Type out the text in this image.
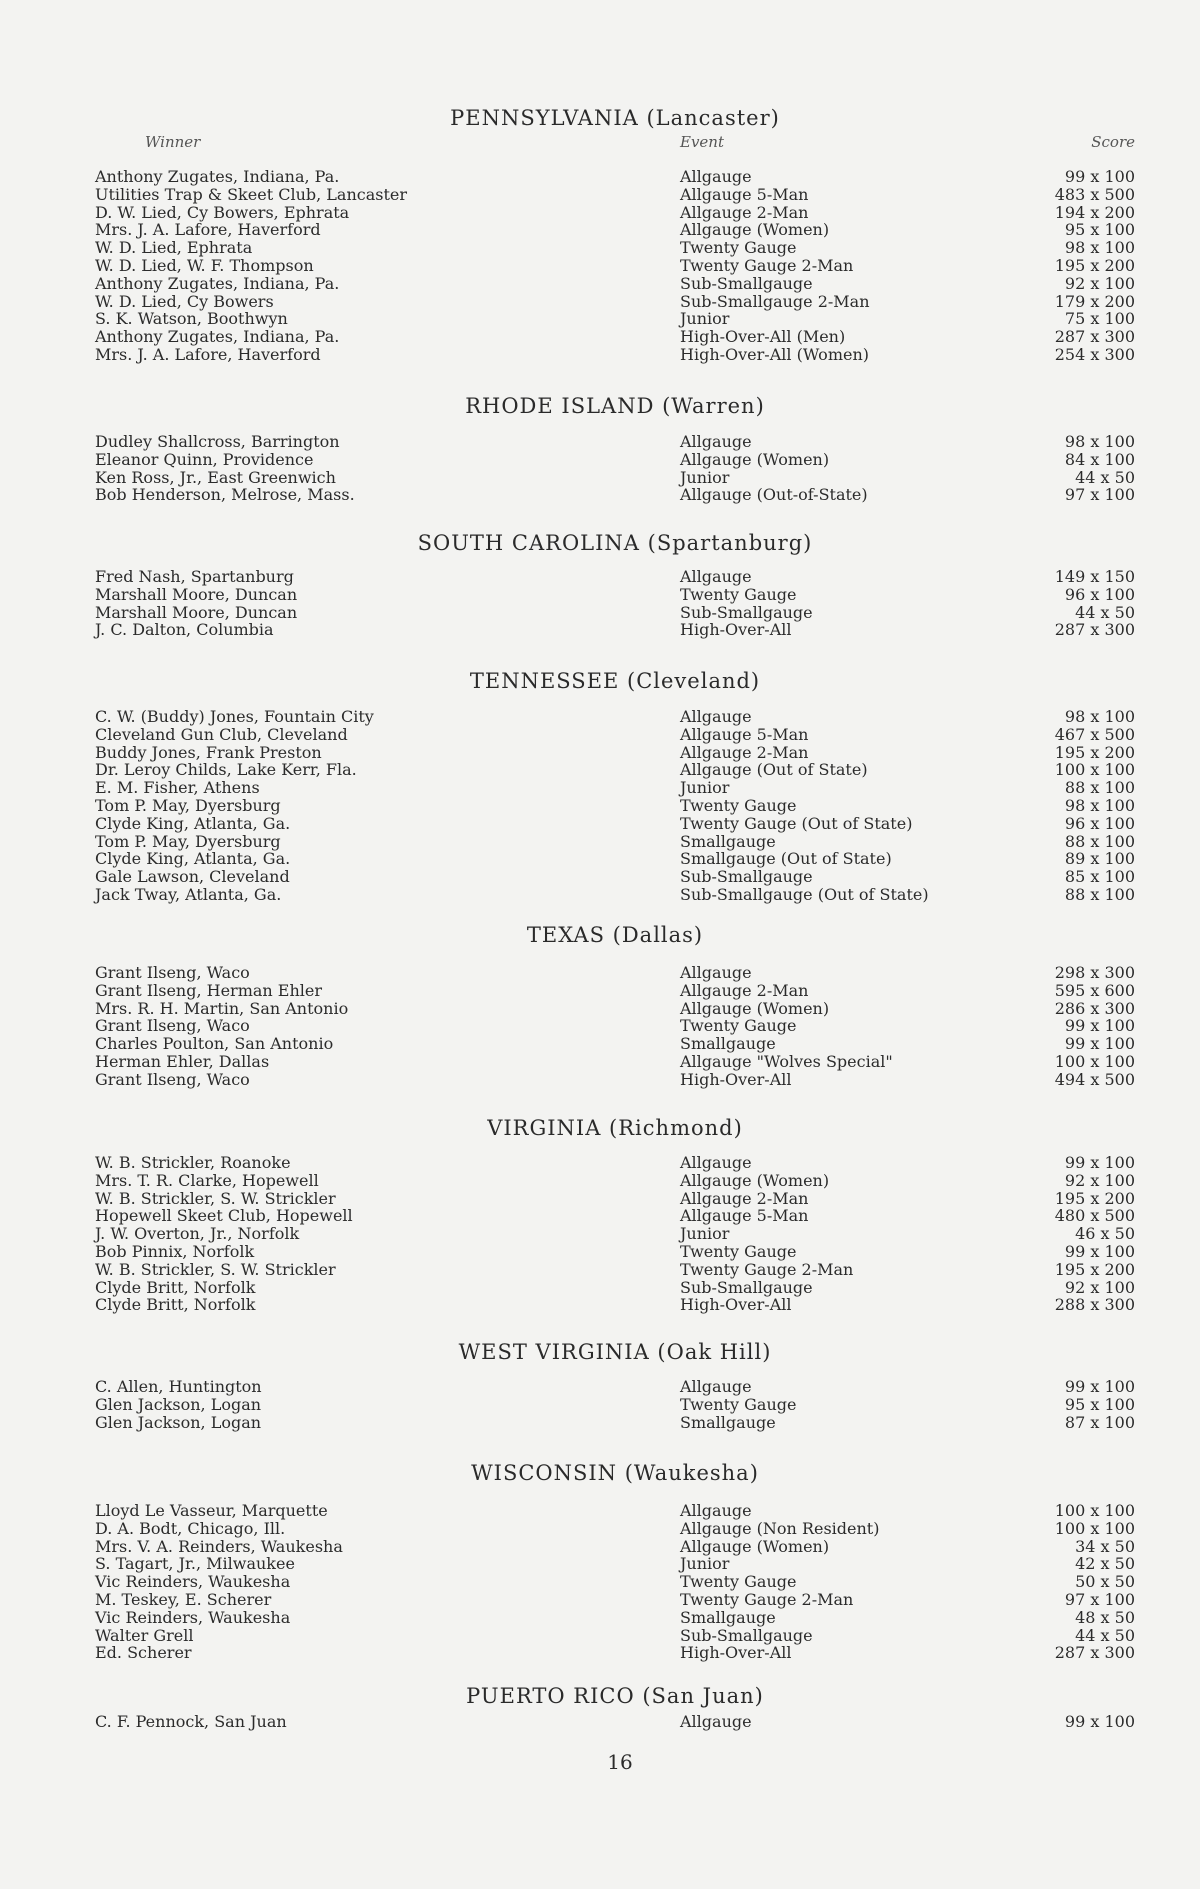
Winner	Event	Score
PENNSYLVANIA (Lancaster)
Anthony Zugates, Indiana, Pa.	Allgauge	99 x 100
Utilities Trap & Skeet Club, Lancaster	Allgauge 5-Man	483 x 500
D. W. Lied, Cy Bowers, Ephrata	Allgauge 2-Man	194 x 200
Mrs. J. A. Lafore, Haverford	Allgauge (Women)	95 x 100
W. D. Lied, Ephrata	Twenty Gauge	98 x 100
W. D. Lied, W. F. Thompson	Twenty Gauge 2-Man	195 x 200
Anthony Zugates, Indiana, Pa.	Sub-Smallgauge	92 x 100
W. D. Lied, Cy Bowers	Sub-Smallgauge 2-Man	179 x 200
S. K. Watson, Boothwyn	Junior	75 x 100
Anthony Zugates, Indiana, Pa.	High-Over-All (Men)	287 x 300
Mrs. J. A. Lafore, Haverford	High-Over-All (Women)	254 x 300
RHODE ISLAND (Warren)
Dudley Shallcross, Barrington	Allgauge	98 x 100
Eleanor Quinn, Providence	Allgauge (Women)	84 x 100
Ken Ross, Jr., East Greenwich	Junior	44 x 50
Bob Henderson, Melrose, Mass.	Allgauge (Out-of-State)	97 x 100
SOUTH CAROLINA (Spartanburg)
Fred Nash, Spartanburg	Allgauge	149 x 150
Marshall Moore, Duncan	Twenty Gauge	96 x 100
Marshall Moore, Duncan	Sub-Smallgauge	44 x 50
J. C. Dalton, Columbia	High-Over-All	287 x 300
TENNESSEE (Cleveland)
C. W. (Buddy) Jones, Fountain City	Allgauge	98 x 100
Cleveland Gun Club, Cleveland	Allgauge 5-Man	467 x 500
Buddy Jones, Frank Preston	Allgauge 2-Man	195 x 200
Dr. Leroy Childs, Lake Kerr, Fla.	Allgauge (Out of State)	100 x 100
E. M. Fisher, Athens	Junior	88 x 100
Tom P. May, Dyersburg	Twenty Gauge	98 x 100
Clyde King, Atlanta, Ga.	Twenty Gauge (Out of State)	96 x 100
Tom P. May, Dyersburg	Smallgauge	88 x 100
Clyde King, Atlanta, Ga.	Smallgauge (Out of State)	89 x 100
Gale Lawson, Cleveland	Sub-Smallgauge	85 x 100
Jack Tway, Atlanta, Ga.	Sub-Smallgauge (Out of State)	88 x 100
TEXAS (Dallas)
Grant Ilseng, Waco	Allgauge	298 x 300
Grant Ilseng, Herman Ehler	Allgauge 2-Man	595 x 600
Mrs. R. H. Martin, San Antonio	Allgauge (Women)	286 x 300
Grant Ilseng, Waco	Twenty Gauge	99 x 100
Charles Poulton, San Antonio	Smallgauge	99 x 100
Herman Ehler, Dallas	Allgauge "Wolves Special"	100 x 100
Grant Ilseng, Waco	High-Over-All	494 x 500
VIRGINIA (Richmond)
W. B. Strickler, Roanoke	Allgauge	99 x 100
Mrs. T. R. Clarke, Hopewell	Allgauge (Women)	92 x 100
W. B. Strickler, S. W. Strickler	Allgauge 2-Man	195 x 200
Hopewell Skeet Club, Hopewell	Allgauge 5-Man	480 x 500
J. W. Overton, Jr., Norfolk	Junior	46 x 50
Bob Pinnix, Norfolk	Twenty Gauge	99 x 100
W. B. Strickler, S. W. Strickler	Twenty Gauge 2-Man	195 x 200
Clyde Britt, Norfolk	Sub-Smallgauge	92 x 100
Clyde Britt, Norfolk	High-Over-All	288 x 300
WEST VIRGINIA (Oak Hill)
C. Allen, Huntington	Allgauge	99 x 100
Glen Jackson, Logan	Twenty Gauge	95 x 100
Glen Jackson, Logan	Smallgauge	87 x 100
WISCONSIN (Waukesha)
Lloyd Le Vasseur, Marquette	Allgauge	100 x 100
D. A. Bodt, Chicago, Ill.	Allgauge (Non Resident)	100 x 100
Mrs. V. A. Reinders, Waukesha	Allgauge (Women)	34 x 50
S. Tagart, Jr., Milwaukee	Junior	42 x 50
Vic Reinders, Waukesha	Twenty Gauge	50 x 50
M. Teskey, E. Scherer	Twenty Gauge 2-Man	97 x 100
Vic Reinders, Waukesha	Smallgauge	48 x 50
Walter Grell	Sub-Smallgauge	44 x 50
Ed. Scherer	High-Over-All	287 x 300
PUERTO RICO (San Juan)
C. F. Pennock, San Juan	Allgauge	99 x 100
16
